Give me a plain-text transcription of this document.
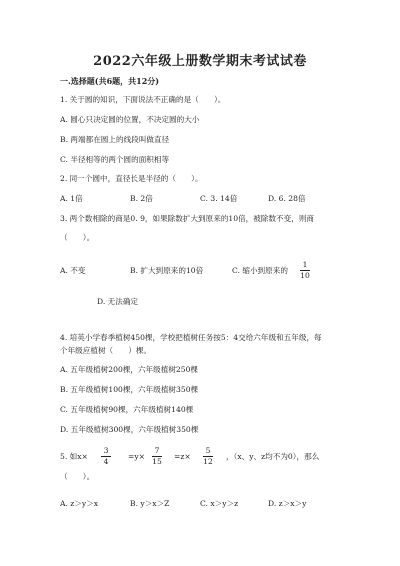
2022六年级上册数学期末考试试卷
一.选择题(共6题，共12分)
1. 关于圆的知识，下面说法不正确的是（　　）。
A. 圆心只决定圆的位置，不决定圆的大小
B. 两端都在圆上的线段叫做直径
C. 半径相等的两个圆的面积相等
2. 同一个圆中，直径长是半径的（　　）。
A. 1倍	B. 2倍	C. 3. 14倍	D. 6. 28倍
3. 两个数相除的商是0. 9，如果除数扩大到原来的10倍，被除数不变，则商
（　　）。
A. 不变	B. 扩大到原来的10倍	C. 缩小到原来的
1
10
D. 无法确定
4. 培英小学春季植树450棵，学校把植树任务按5：4交给六年级和五年级，每
个年级应植树（　　）棵。
A. 五年级植树200棵，六年级植树250棵
B. 五年级植树100棵，六年级植树350棵
C. 五年级植树90棵，六年级植树140棵
D. 五年级植树300棵，六年级植树350棵
5. 如x×
3
4
=y×
7
15
=z×
5
12
，（x、y、z均不为0），那么
（　　）。
A. z＞y＞x	B. y＞x＞Z	C. x＞y＞z	D. z＞x＞y
